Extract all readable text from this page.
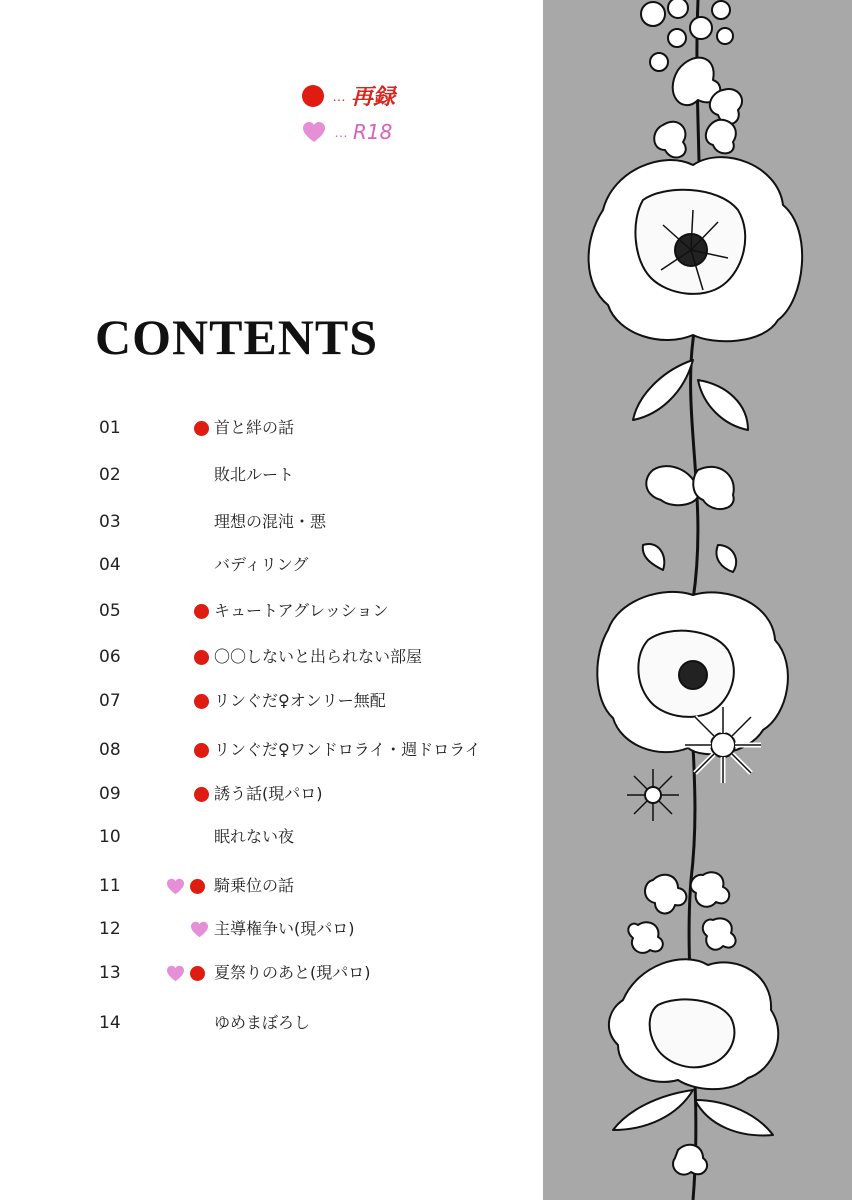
… 再録
… R18
CONTENTS
01	首と絆の話
02	敗北ルート
03	理想の混沌・悪
04	バディリング
05	キュートアグレッション
06	〇〇しないと出られない部屋
07	リンぐだ♀オンリー無配
08	リンぐだ♀ワンドロライ・週ドロライ
09	誘う話(現パロ)
10	眠れない夜
11	騎乗位の話
12	主導権争い(現パロ)
13	夏祭りのあと(現パロ)
14	ゆめまぼろし
